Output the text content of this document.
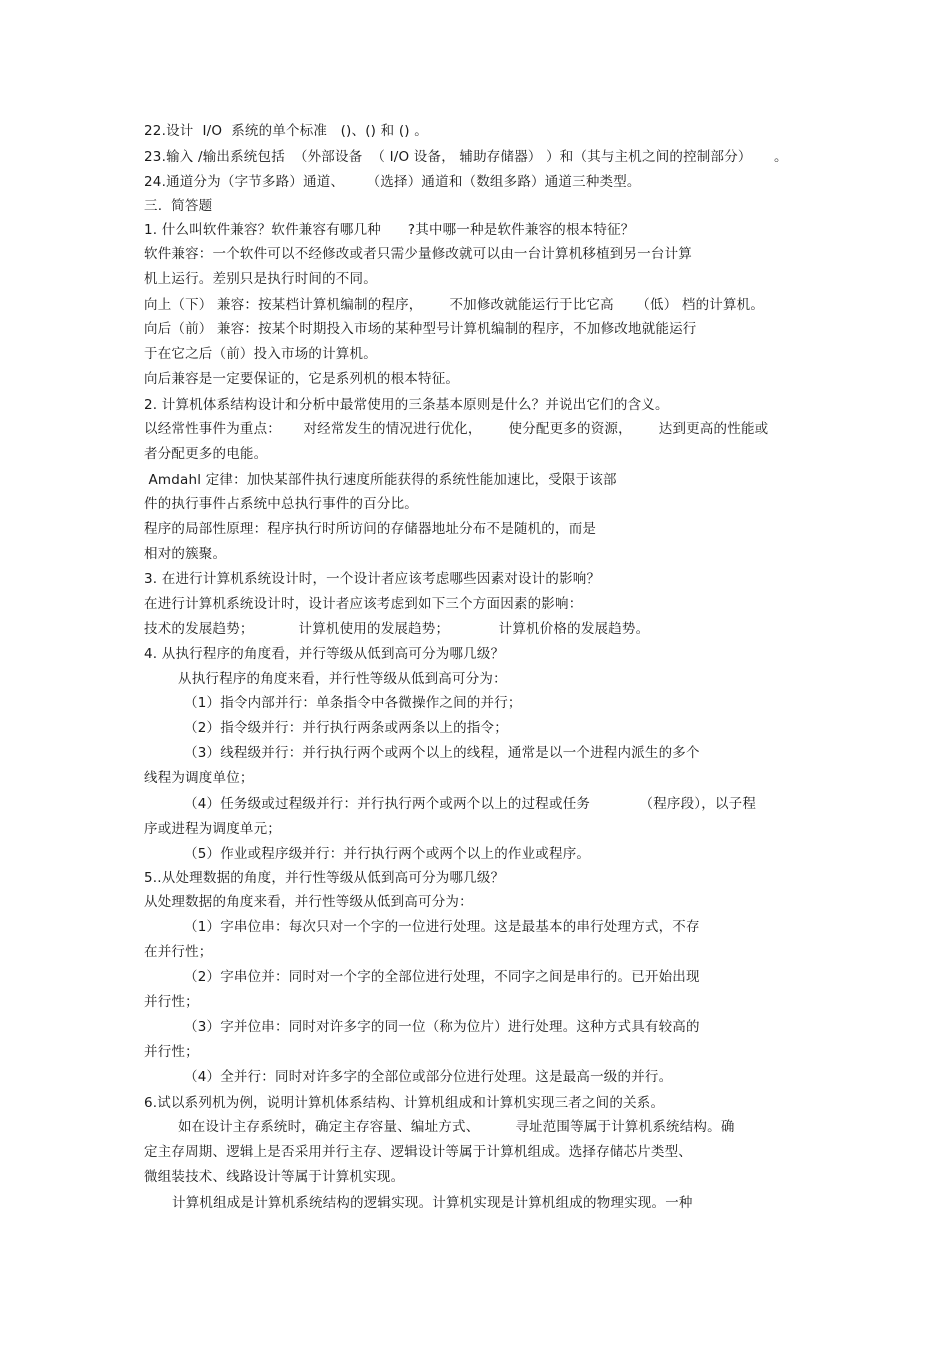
22.设计  I/O  系统的单个标准   ()、() 和 () 。
23.输入 /输出系统包括  （外部设备  （ I/O 设备， 辅助存储器） ）和（其与主机之间的控制部分）     。
24.通道分为（字节多路）通道、     （选择）通道和（数组多路）通道三种类型。
三.  简答题
1. 什么叫软件兼容？软件兼容有哪几种      ?其中哪一种是软件兼容的根本特征？
软件兼容：一个软件可以不经修改或者只需少量修改就可以由一台计算机移植到另一台计算
机上运行。差别只是执行时间的不同。
向上（下） 兼容：按某档计算机编制的程序，      不加修改就能运行于比它高     （低） 档的计算机。
向后（前） 兼容：按某个时期投入市场的某种型号计算机编制的程序，不加修改地就能运行
于在它之后（前）投入市场的计算机。
向后兼容是一定要保证的，它是系列机的根本特征。
2. 计算机体系结构设计和分析中最常使用的三条基本原则是什么？并说出它们的含义。
以经常性事件为重点：     对经常发生的情况进行优化，      使分配更多的资源，      达到更高的性能或
者分配更多的电能。
Amdahl 定律：加快某部件执行速度所能获得的系统性能加速比，受限于该部
件的执行事件占系统中总执行事件的百分比。
程序的局部性原理：程序执行时所访问的存储器地址分布不是随机的，而是
相对的簇聚。
3. 在进行计算机系统设计时，一个设计者应该考虑哪些因素对设计的影响？
在进行计算机系统设计时，设计者应该考虑到如下三个方面因素的影响：
技术的发展趋势；          计算机使用的发展趋势；           计算机价格的发展趋势。
4. 从执行程序的角度看，并行等级从低到高可分为哪几级？
从执行程序的角度来看，并行性等级从低到高可分为：
（1）指令内部并行：单条指令中各微操作之间的并行；
（2）指令级并行：并行执行两条或两条以上的指令；
（3）线程级并行：并行执行两个或两个以上的线程，通常是以一个进程内派生的多个
线程为调度单位；
（4）任务级或过程级并行：并行执行两个或两个以上的过程或任务           （程序段），以子程
序或进程为调度单元；
（5）作业或程序级并行：并行执行两个或两个以上的作业或程序。
5..从处理数据的角度，并行性等级从低到高可分为哪几级？
从处理数据的角度来看，并行性等级从低到高可分为：
（1）字串位串：每次只对一个字的一位进行处理。这是最基本的串行处理方式，不存
在并行性；
（2）字串位并：同时对一个字的全部位进行处理，不同字之间是串行的。已开始出现
并行性；
（3）字并位串：同时对许多字的同一位（称为位片）进行处理。这种方式具有较高的
并行性；
（4）全并行：同时对许多字的全部位或部分位进行处理。这是最高一级的并行。
6.试以系列机为例，说明计算机体系结构、计算机组成和计算机实现三者之间的关系。
如在设计主存系统时，确定主存容量、编址方式、        寻址范围等属于计算机系统结构。确
定主存周期、逻辑上是否采用并行主存、逻辑设计等属于计算机组成。选择存储芯片类型、
微组装技术、线路设计等属于计算机实现。
计算机组成是计算机系统结构的逻辑实现。计算机实现是计算机组成的物理实现。一种
